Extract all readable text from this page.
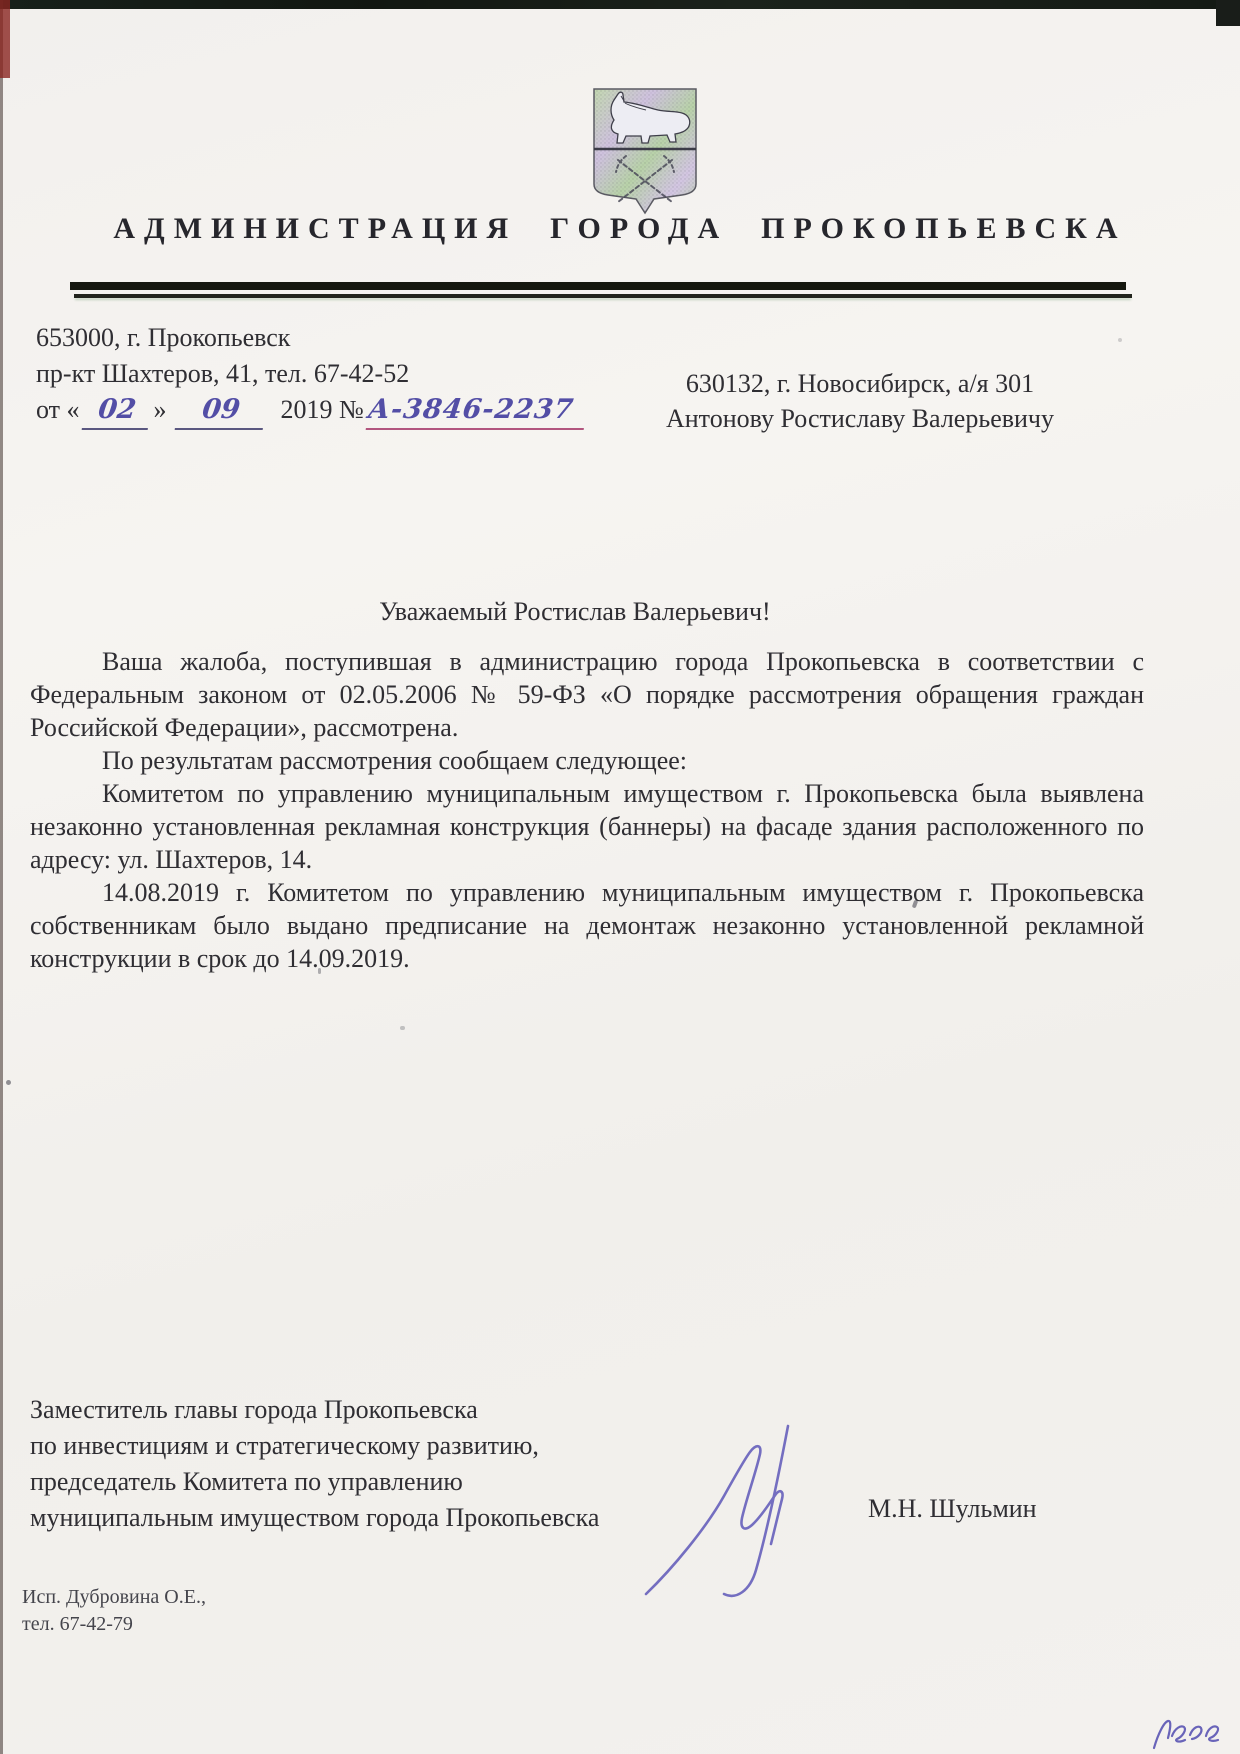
АДМИНИСТРАЦИЯ ГОРОДА ПРОКОПЬЕВСКА
653000, г. Прокопьевск
пр-кт Шахтеров, 41, тел. 67-42-52
от « 02 » 09 2019 №А-3846-2237
630132, г. Новосибирск, а/я 301
Антонову Ростиславу Валерьевичу
Уважаемый Ростислав Валерьевич!

Ваша жалоба, поступившая в администрацию города Прокопьевска в соответствии с Федеральным законом от 02.05.2006 № 59-ФЗ «О порядке рассмотрения обращения граждан Российской Федерации», рассмотрена.

По результатам рассмотрения сообщаем следующее:

Комитетом по управлению муниципальным имуществом г. Прокопьевска была выявлена незаконно установленная рекламная конструкция (баннеры) на фасаде здания расположенного по адресу: ул. Шахтеров, 14.

14.08.2019 г. Комитетом по управлению муниципальным имуществом г. Прокопьевска собственникам было выдано предписание на демонтаж незаконно установленной рекламной конструкции в срок до 14.09.2019.

Заместитель главы города Прокопьевска
по инвестициям и стратегическому развитию,
председатель Комитета по управлению
муниципальным имуществом города Прокопьевска	М.Н. Шульмин
Исп. Дубровина О.Е.,
тел. 67-42-79
